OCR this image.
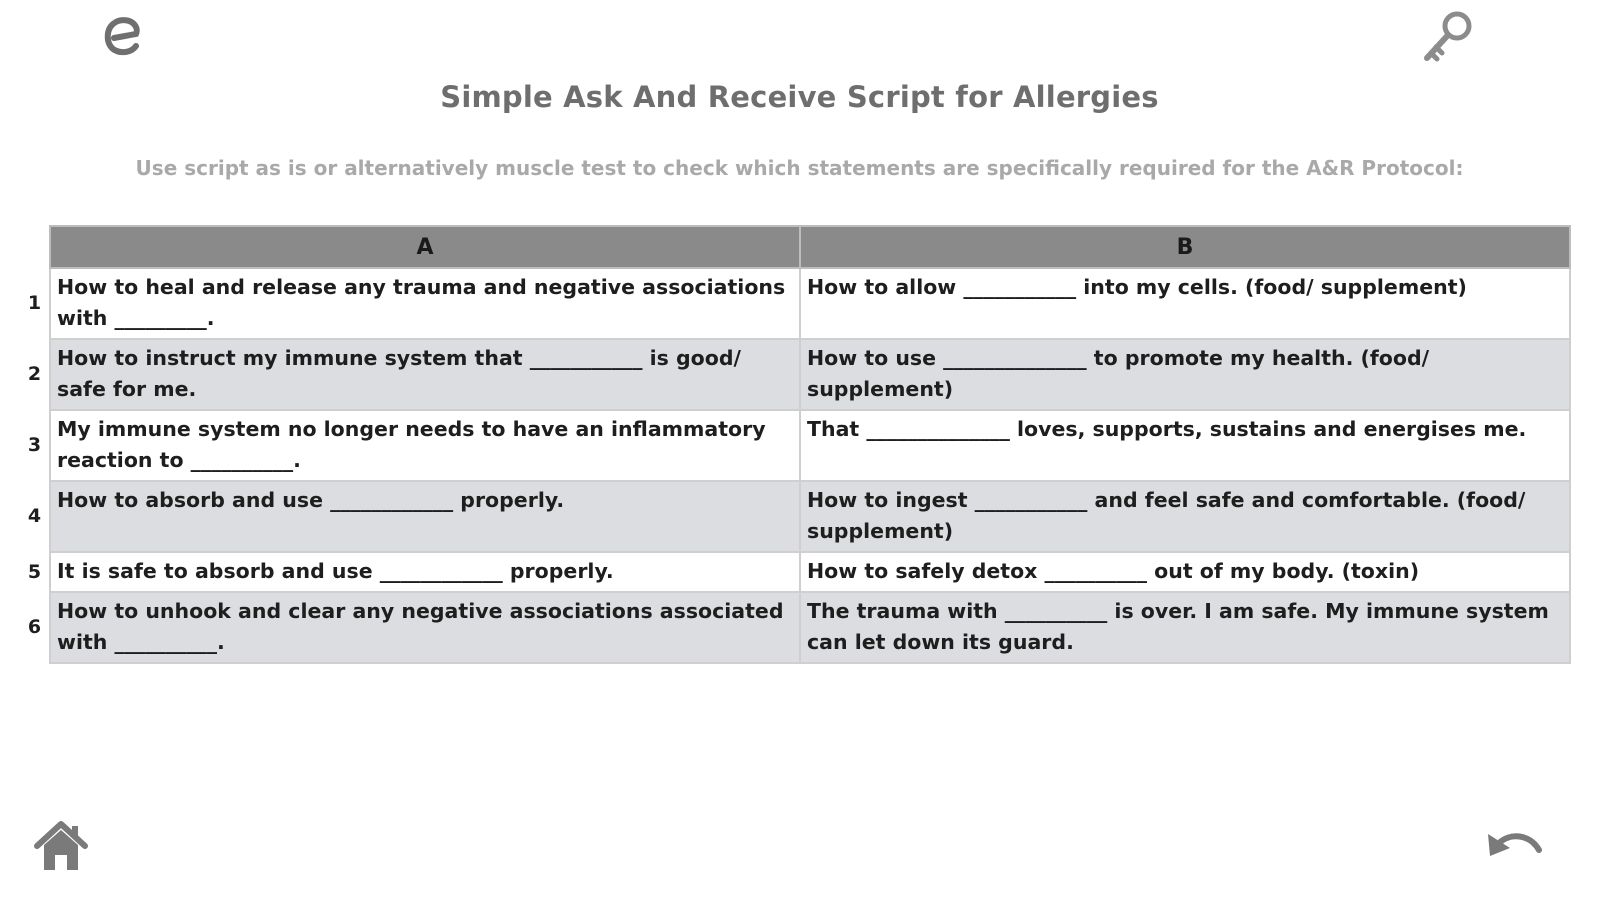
Simple Ask And Receive Script for Allergies
Use script as is or alternatively muscle test to check which statements are specifically required for the A&R Protocol:
	A	B
1	How to heal and release any trauma and negative associations with _________.	How to allow ___________ into my cells. (food/ supplement)
2	How to instruct my immune system that ___________ is good/ safe for me.	How to use ______________ to promote my health. (food/ supplement)
3	My immune system no longer needs to have an inflammatory reaction to __________.	That ______________ loves, supports, sustains and energises me.
4	How to absorb and use ____________ properly.	How to ingest ___________ and feel safe and comfortable. (food/ supplement)
5	It is safe to absorb and use ____________ properly.	How to safely detox __________ out of my body. (toxin)
6	How to unhook and clear any negative associations associated with __________.	The trauma with __________ is over. I am safe. My immune system can let down its guard.
